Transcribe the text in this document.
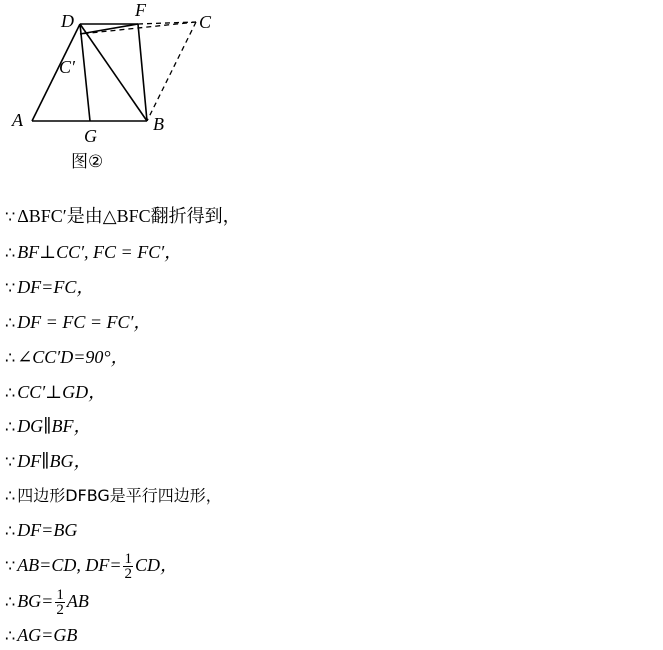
D
F
C
C′
A	B
G
图②
∵ ΔBFC′是由△BFC翻折得到，
∴ BF⊥CC′, FC = FC′，
∵ DF=FC，
∴ DF = FC = FC′，
∴ ∠CC′D=90°，
∴ CC′⊥GD，
∴ DG∥BF，
∵ DF∥BG，
∴ 四边形DFBG是平行四边形，
∴ DF=BG
∵ AB=CD, $DF= \frac{1}{2}$ CD，
∴ $BG= \frac{1}{2}$ AB
∴ AG=GB
